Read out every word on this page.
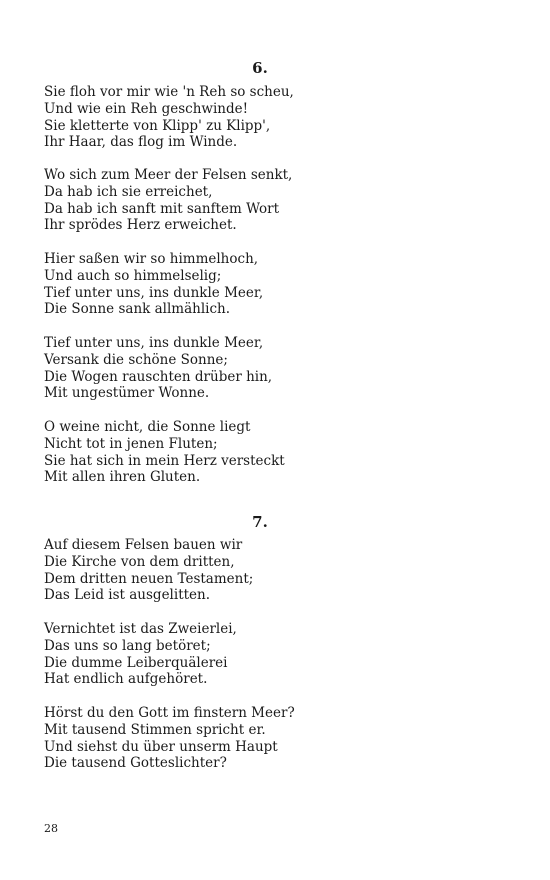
6.
Sie floh vor mir wie 'n Reh so scheu,
Und wie ein Reh geschwinde!
Sie kletterte von Klipp' zu Klipp',
Ihr Haar, das flog im Winde.
Wo sich zum Meer der Felsen senkt,
Da hab ich sie erreichet,
Da hab ich sanft mit sanftem Wort
Ihr sprödes Herz erweichet.
Hier saßen wir so himmelhoch,
Und auch so himmelselig;
Tief unter uns, ins dunkle Meer,
Die Sonne sank allmählich.
Tief unter uns, ins dunkle Meer,
Versank die schöne Sonne;
Die Wogen rauschten drüber hin,
Mit ungestümer Wonne.
O weine nicht, die Sonne liegt
Nicht tot in jenen Fluten;
Sie hat sich in mein Herz versteckt
Mit allen ihren Gluten.
7.
Auf diesem Felsen bauen wir
Die Kirche von dem dritten,
Dem dritten neuen Testament;
Das Leid ist ausgelitten.
Vernichtet ist das Zweierlei,
Das uns so lang betöret;
Die dumme Leiberquälerei
Hat endlich aufgehöret.
Hörst du den Gott im finstern Meer?
Mit tausend Stimmen spricht er.
Und siehst du über unserm Haupt
Die tausend Gotteslichter?
28
